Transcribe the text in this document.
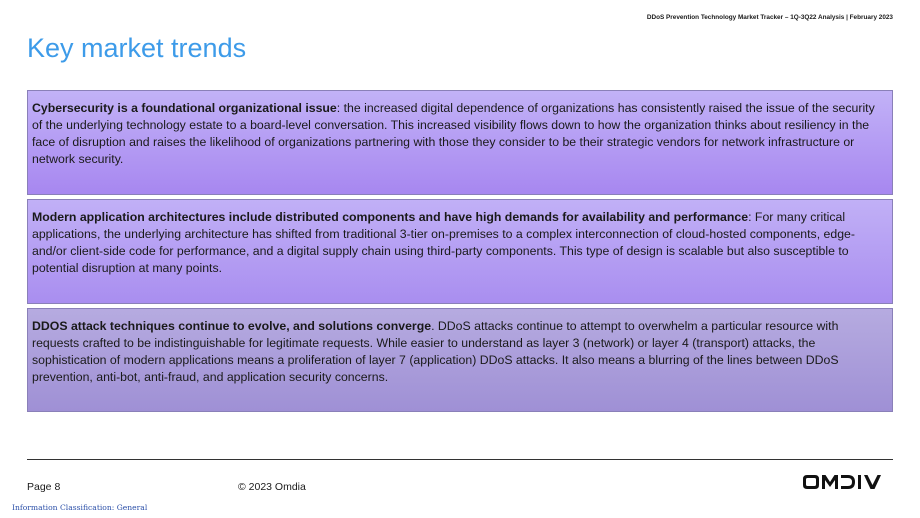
DDoS Prevention Technology Market Tracker – 1Q-3Q22 Analysis | February 2023
Key market trends
Cybersecurity is a foundational organizational issue: the increased digital dependence of organizations has consistently raised the issue of the security of the underlying technology estate to a board-level conversation. This increased visibility flows down to how the organization thinks about resiliency in the face of disruption and raises the likelihood of organizations partnering with those they consider to be their strategic vendors for network infrastructure or network security.
Modern application architectures include distributed components and have high demands for availability and performance: For many critical applications, the underlying architecture has shifted from traditional 3-tier on-premises to a complex interconnection of cloud-hosted components, edge- and/or client-side code for performance, and a digital supply chain using third-party components. This type of design is scalable but also susceptible to potential disruption at many points.
DDOS attack techniques continue to evolve, and solutions converge. DDoS attacks continue to attempt to overwhelm a particular resource with requests crafted to be indistinguishable for legitimate requests. While easier to understand as layer 3 (network) or layer 4 (transport) attacks, the sophistication of modern applications means a proliferation of layer 7 (application) DDoS attacks. It also means a blurring of the lines between DDoS prevention, anti-bot, anti-fraud, and application security concerns.
Page 8	© 2023 Omdia
Information Classification: General
